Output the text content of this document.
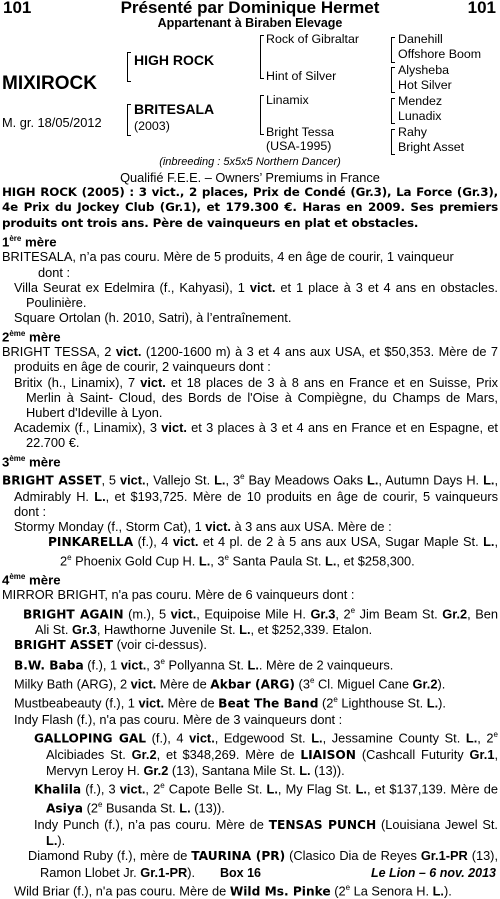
101	Présenté par Dominique Hermet	101
Appartenant à Biraben Elevage
MIXIROCK
M. gr. 18/05/2012
HIGH ROCK
BRITESALA
(2003)
Rock of Gibraltar
Hint of Silver
Linamix
Bright Tessa
(USA-1995)
Danehill
Offshore Boom
Alysheba
Hot Silver
Mendez
Lunadix
Rahy
Bright Asset
(inbreeding : 5x5x5 Northern Dancer)
Qualifié F.E.E. – Owners’ Premiums in France

HIGH ROCK (2005) : 3 vict., 2 places, Prix de Condé (Gr.3), La Force (Gr.3), 4e Prix du Jockey Club (Gr.1), et 179.300 €. Haras en 2009. Ses premiers produits ont trois ans. Père de vainqueurs en plat et obstacles.

1ère mère

BRITESALA, n’a pas couru. Mère de 5 produits, 4 en âge de courir, 1 vainqueur
dont :

Villa Seurat ex Edelmira (f., Kahyasi), 1 vict. et 1 place à 3 et 4 ans en obstacles. Poulinière.

Square Ortolan (h. 2010, Satri), à l’entraînement.

2ème mère

BRIGHT TESSA, 2 vict. (1200-1600 m) à 3 et 4 ans aux USA, et $50,353. Mère de 7 produits en âge de courir, 2 vainqueurs dont :

Britix (h., Linamix), 7 vict. et 18 places de 3 à 8 ans en France et en Suisse, Prix Merlin à Saint- Cloud, des Bords de l'Oise à Compiègne, du Champs de Mars, Hubert d'Ideville à Lyon.

Academix (f., Linamix), 3 vict. et 3 places à 3 et 4 ans en France et en Espagne, et 22.700 €.

3ème mère

BRIGHT ASSET, 5 vict., Vallejo St. L., 3e Bay Meadows Oaks L., Autumn Days H. L., Admirably H. L., et $193,725. Mère de 10 produits en âge de courir, 5 vainqueurs dont :

Stormy Monday (f., Storm Cat), 1 vict. à 3 ans aux USA. Mère de :

PINKARELLA (f.), 4 vict. et 4 pl. de 2 à 5 ans aux USA, Sugar Maple St. L., 2e Phoenix Gold Cup H. L., 3e Santa Paula St. L., et $258,300.

4ème mère

MIRROR BRIGHT, n'a pas couru. Mère de 6 vainqueurs dont :

BRIGHT AGAIN (m.), 5 vict., Equipoise Mile H. Gr.3, 2e Jim Beam St. Gr.2, Ben Ali St. Gr.3, Hawthorne Juvenile St. L., et $252,339. Etalon.

BRIGHT ASSET (voir ci-dessus).

B.W. Baba (f.), 1 vict., 3e Pollyanna St. L.. Mère de 2 vainqueurs.

Milky Bath (ARG), 2 vict. Mère de Akbar (ARG) (3e Cl. Miguel Cane Gr.2).

Mustbeabeauty (f.), 1 vict. Mère de Beat The Band (2e Lighthouse St. L.).

Indy Flash (f.), n'a pas couru. Mère de 3 vainqueurs dont :

GALLOPING GAL (f.), 4 vict., Edgewood St. L., Jessamine County St. L., 2e Alcibiades St. Gr.2, et $348,269. Mère de LIAISON (Cashcall Futurity Gr.1, Mervyn Leroy H. Gr.2 (13), Santana Mile St. L. (13)).

Khalila (f.), 3 vict., 2e Capote Belle St. L., My Flag St. L., et $137,139. Mère de Asiya (2e Busanda St. L. (13)).

Indy Punch (f.), n’a pas couru. Mère de TENSAS PUNCH (Louisiana Jewel St. L.).

Diamond Ruby (f.), mère de TAURINA (PR) (Clasico Dia de Reyes Gr.1-PR (13), Ramon Llobet Jr. Gr.1-PR).

Wild Briar (f.), n'a pas couru. Mère de Wild Ms. Pinke (2e La Senora H. L.).

Box 16	Le Lion – 6 nov. 2013
